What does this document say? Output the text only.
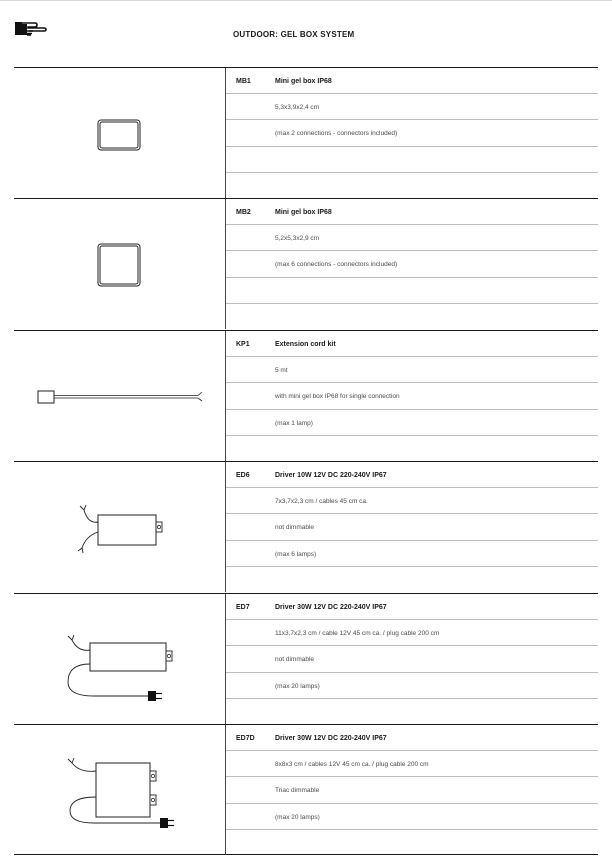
OUTDOOR: GEL BOX SYSTEM
MB1	Mini gel box IP68
5,3x3,9x2,4 cm
(max 2 connections - connectors included)
MB2	Mini gel box IP68
5,2x5,3x2,9 cm
(max 6 connections - connectors included)
KP1	Extension cord kit
5 mt
with mini gel box IP68 for single connection
(max 1 lamp)
ED6	Driver 10W 12V DC 220-240V IP67
7x3,7x2,3 cm / cables 45 cm ca.
not dimmable
(max 6 lamps)
ED7	Driver 30W 12V DC 220-240V IP67
11x3,7x2,3 cm / cable 12V 45 cm ca. / plug cable 200 cm
not dimmable
(max 20 lamps)
ED7D	Driver 30W 12V DC 220-240V IP67
8x8x3 cm / cables 12V 45 cm ca. / plug cable 200 cm
Triac dimmable
(max 20 lamps)
